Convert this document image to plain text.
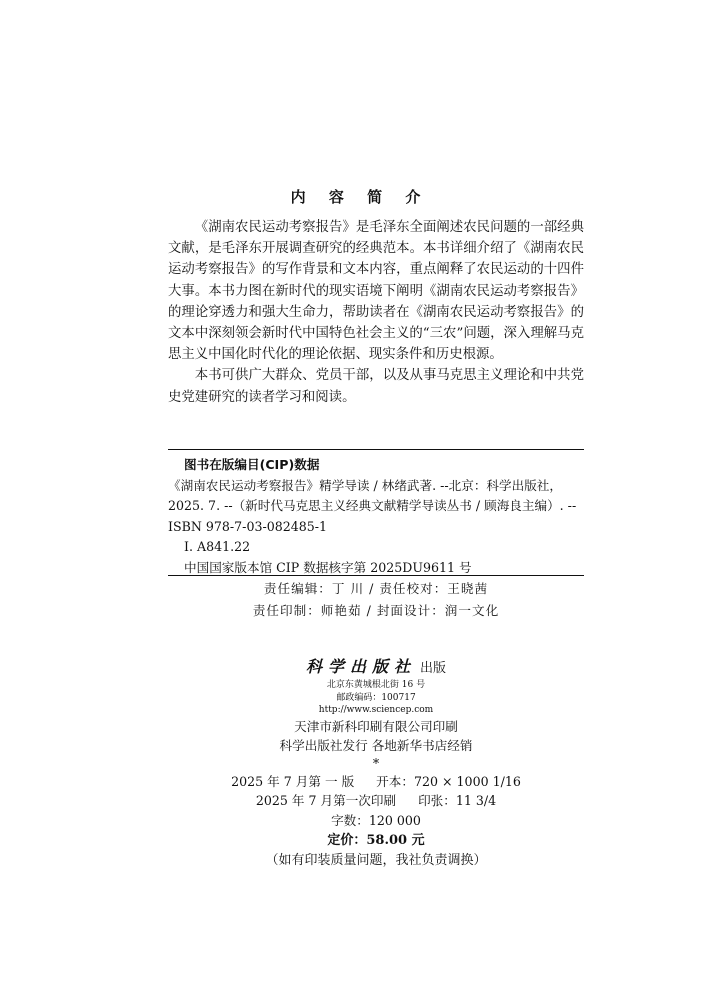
内 容 简 介

《湖南农民运动考察报告》是毛泽东全面阐述农民问题的一部经典文献，是毛泽东开展调查研究的经典范本。本书详细介绍了《湖南农民运动考察报告》的写作背景和文本内容，重点阐释了农民运动的十四件大事。本书力图在新时代的现实语境下阐明《湖南农民运动考察报告》的理论穿透力和强大生命力，帮助读者在《湖南农民运动考察报告》的文本中深刻领会新时代中国特色社会主义的“三农”问题，深入理解马克思主义中国化时代化的理论依据、现实条件和历史根源。

本书可供广大群众、党员干部，以及从事马克思主义理论和中共党史党建研究的读者学习和阅读。

图书在版编目(CIP)数据

《湖南农民运动考察报告》精学导读 / 林绪武著. --北京：科学出版社，2025. 7. --（新时代马克思主义经典文献精学导读丛书 / 顾海良主编）. -- ISBN 978-7-03-082485-1

Ⅰ. A841.22

中国国家版本馆 CIP 数据核字第 2025DU9611 号

责任编辑：丁 川 / 责任校对：王晓茜
责任印制：师艳茹 / 封面设计：润一文化
科学出版社 出版
北京东黄城根北街 16 号
邮政编码：100717
http://www.sciencep.com
天津市新科印刷有限公司印刷
科学出版社发行 各地新华书店经销
*
2025 年 7 月第 一 版 开本：720 × 1000 1/16
2025 年 7 月第一次印刷 印张：11 3/4
字数：120 000
定价：58.00 元
（如有印装质量问题，我社负责调换）
